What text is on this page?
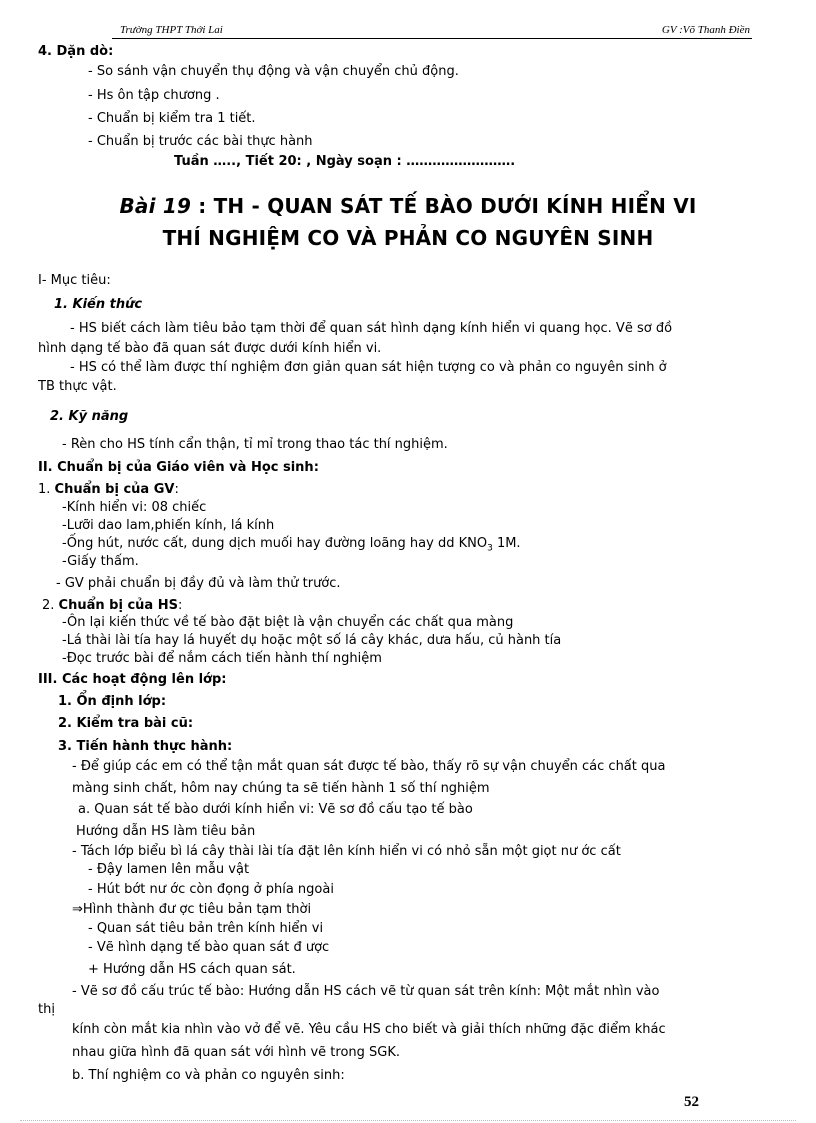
Trường THPT Thới Lai	GV :Võ Thanh Điền
4. Dặn dò:
- So sánh vận chuyển thụ động và vận chuyển chủ động.
- Hs ôn tập chương .
- Chuẩn bị kiểm tra 1 tiết.
- Chuẩn bị trước các bài thực hành
Tuần ….., Tiết 20: , Ngày soạn : …………………….
Bài 19 : TH - QUAN SÁT TẾ BÀO DƯỚI KÍNH HIỂN VI
THÍ NGHIỆM CO VÀ PHẢN CO NGUYÊN SINH
I- Mục tiêu:
1. Kiến thức
- HS biết cách làm tiêu bảo tạm thời để quan sát hình dạng kính hiển vi quang học. Vẽ sơ đồ
hình dạng tế bào đã quan sát được dưới kính hiển vi.
- HS có thể làm được thí nghiệm đơn giản quan sát hiện tượng co và phản co nguyên sinh ở
TB thực vật.
2. Kỹ năng
- Rèn cho HS tính cẩn thận, tỉ mỉ trong thao tác thí nghiệm.
II. Chuẩn bị của Giáo viên và Học sinh:
1. Chuẩn bị của GV:
-Kính hiển vi: 08 chiếc
-Lưỡi dao lam,phiến kính, lá kính
-Ống hút, nước cất, dung dịch muối hay đường loãng hay dd $KNO_3$ 1M.
-Giấy thấm.
- GV phải chuẩn bị đầy đủ và làm thử trước.
2. Chuẩn bị của HS:
-Ôn lại kiến thức về tế bào đặt biệt là vận chuyển các chất qua màng
-Lá thài lài tía hay lá huyết dụ hoặc một số lá cây khác, dưa hấu, củ hành tía
-Đọc trước bài để nắm cách tiến hành thí nghiệm
III. Các hoạt động lên lớp:
1. Ổn định lớp:
2. Kiểm tra bài cũ:
3. Tiến hành thực hành:
- Để giúp các em có thể tận mắt quan sát được tế bào, thấy rõ sự vận chuyển các chất qua
màng sinh chất, hôm nay chúng ta sẽ tiến hành 1 số thí nghiệm
a. Quan sát tế bào dưới kính hiển vi: Vẽ sơ đồ cấu tạo tế bào
Hướng dẫn HS làm tiêu bản
- Tách lớp biểu bì lá cây thài lài tía đặt lên kính hiển vi có nhỏ sẵn một giọt nư ớc cất
- Đậy lamen lên mẫu vật
- Hút bớt nư ớc còn đọng ở phía ngoài
⇒Hình thành đư ợc tiêu bản tạm thời
- Quan sát tiêu bản trên kính hiển vi
- Vẽ hình dạng tế bào quan sát đ ược
+ Hướng dẫn HS cách quan sát.
- Vẽ sơ đồ cấu trúc tế bào: Hướng dẫn HS cách vẽ từ quan sát trên kính: Một mắt nhìn vào
thị
kính còn mắt kia nhìn vào vở để vẽ. Yêu cầu HS cho biết và giải thích những đặc điểm khác
nhau giữa hình đã quan sát với hình vẽ trong SGK.
b. Thí nghiệm co và phản co nguyên sinh:
52
